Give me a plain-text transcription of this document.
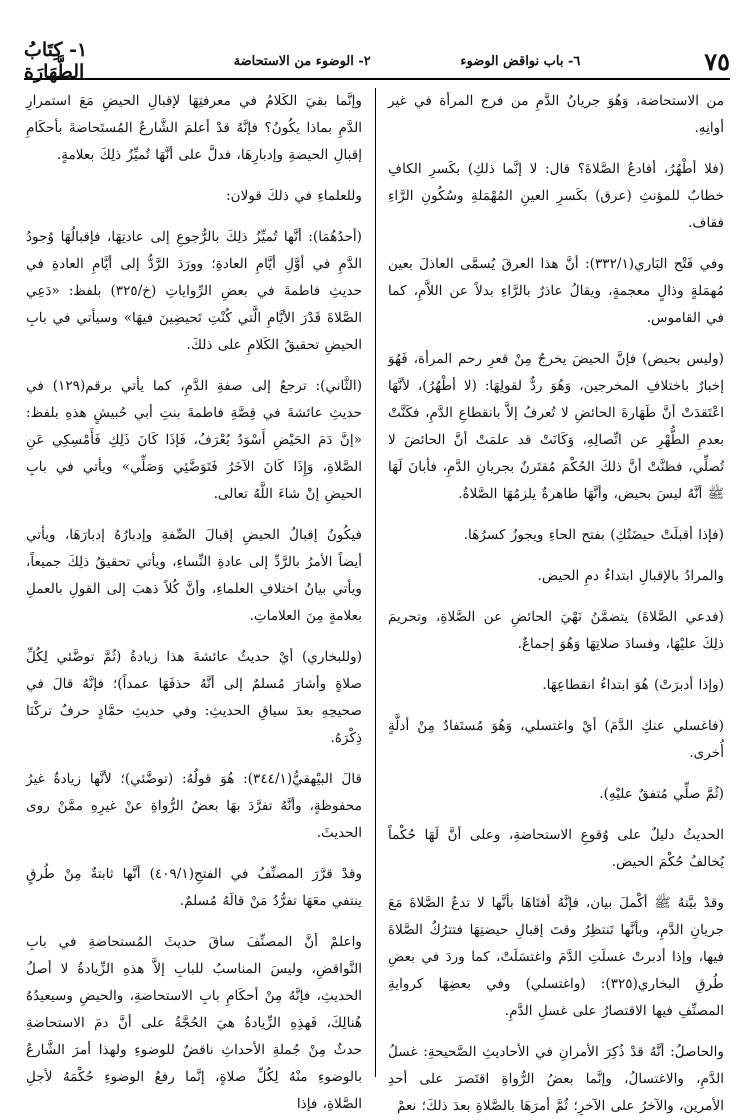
٧٥
٦- باب نواقض الوضوء
٢- الوضوء من الاستحاضة
١- كِتَابُ الطَّهَارَة

من الاستحاضة، وَهُوَ جريانُ الدَّمِ من فرج المرأة في غير أوانِهِ.

(فلا أطْهُرُ، أفادعُ الصَّلاةَ؟ قال: لا إنَّما ذلكِ) بكَسرِ الكافِ خطابٌ للمؤنثِ (عرق) بكَسرِ العينِ المُهْمَلةِ وسُكُونِ الرَّاءِ فقاف.

وفي فَتْح البَاري(٣٣٢/١): أنَّ هذا العرقَ يُسمَّى العاذلَ بعين مُهمَلةٍ وذالٍ معجمةٍ، ويقالُ عاذرٌ بالرَّاءِ بدلاً عن اللاَّمِ، كما في القاموس.

(وليس بحيض) فإنَّ الحيضَ يخرجُ مِنْ قعرِ رحم المرأة، فَهُوَ إخبارٌ باختلافِ المخرجين، وَهُوَ ردٌّ لقولِهَا: (لا أطْهُرُ)، لأنَّهَا اعْتَقدَتْ أنَّ طَهَارةَ الحائضِ لا تُعرفُ إلاَّ بانقطاعِ الدَّمِ، فكَنَّتْ بعدمِ الطُّهْرِ عن اتِّصالِهِ، وَكَانَتْ قد علمَتْ أنَّ الحائضَ لا تُصلِّي، فظنَّتْ أنَّ ذلكَ الحُكْمَ مُقتَرنٌ بجريانِ الدَّمِ، فأبانَ لَهَا ﷺ أنَّهُ ليسَ بحيض، وأنَّهَا طاهرةٌ يلزمُهَا الصَّلاةُ.

(فإذا أقبلَتْ حيضَتُكِ) بفتح الحاءِ ويجوزُ كسرُهَا.

والمرادُ بالإقبالِ ابتداءُ دمِ الحيض.

(فدعي الصَّلاةَ) يتضمَّنُ نَهْيَ الحائضِ عن الصَّلاةِ، وتحريمَ ذلِكَ عليْهَا، وفسادَ صلاتِهَا وَهُوَ إجماعٌ.

(وإذا أدبرَتْ) هُوَ ابتداءُ انقطاعِهَا.

(فاغسلي عنكِ الدَّمَ) أيْ واغتسلي، وَهُوَ مُستَفادٌ مِنْ أدلَّةٍ أُخرى.

(ثُمَّ صلِّي مُتفقٌ عليْهِ).

الحديثُ دليلٌ على وُقوعِ الاستحاضةِ، وعلى أنَّ لَهَا حُكْماً يُخالفُ حُكْمَ الحيض.

وقدْ بيَّنهُ ﷺ أكْملَ بيان، فإنَّهُ أفتَاهَا بأنَّها لا تدعُ الصَّلاةَ مَعَ جريانِ الدَّمِ، وبأنَّها تَنتظِرُ وقتَ إقبالِ حيضتِهَا فتترُكُ الصَّلاةَ فيها، وإذا أدبرتْ غسلَتِ الدَّمَ واغتسَلَتْ، كما وردَ في بعضِ طُرقِ البخاري(٣٢٥): (واغتسلي) وفي بعضِهَا كروايةِ المصنِّفِ فيها الاقتصارُ على غسلِ الدَّمِ.

والحاصلُ: أنَّهُ قدْ ذُكِرَ الأمرانِ في الأحاديثِ الصَّحيحةِ: غسلُ الدَّمِ، والاغتسالُ، وإنَّما بعضُ الرُّواةِ اقتَصرَ على أحدِ الأمرين، والآخرُ على الآخرِ؛ ثُمَّ أمرَهَا بالصَّلاةِ بعدَ ذلكَ؛ نعمْ

وإنَّما بقيَ الكَلامُ في معرفتِهَا لإقبالِ الحيضِ مَعَ استمرارِ الدَّمِ بماذا يكُونُ؟ فإنَّهُ قدْ أعلمَ الشَّارعُ المُستَحاضةَ بأحكَامِ إقبالِ الحيضةِ وإدبارِهَا، فدلَّ على أنَّهَا تُميِّزُ ذلِكَ بعلامةٍ.

وللعلماءِ في ذلكَ قولان:

(أحدُهُمَا): أنَّها تُميِّزُ ذلِكَ بالرُّجوعِ إلى عادتِهَا، فإقبالُهَا وُجودُ الدَّمِ في أوَّلِ أيَّامِ العادةِ؛ وورَدَ الرَّدُّ إلى أيَّامِ العادةِ في حديثِ فاطمةَ في بعضِ الرِّواياتِ (خ/٣٢٥) بلفظ: «دَعِي الصَّلاةَ قَدْرَ الأيَّامِ الَّتي كُنْتِ تَحيضِينَ فيهَا» وسيأتي في بابِ الحيضِ تحقيقُ الكَلامِ على ذلكَ.

(الثَّاني): ترجعُ إلى صفةِ الدَّمِ، كما يأتي برقم(١٢٩) في حديثِ عائشةَ في قِصَّةِ فاطمةَ بنتِ أبي حُبيشٍ هذهِ بلفظ: «إنَّ دَمَ الحَيْضِ أَسْوَدُ يُعْرَفُ، فَإذَا كَانَ ذَلِكِ فَأَمْسِكِي عَنِ الصَّلاةِ، وَإِذَا كَانَ الآخَرُ فَتَوَضَّئِي وَصَلِّي» ويأتي في بابِ الحيضِ إنْ شاءَ اللَّهُ تعالى.

فيكُونُ إقبالُ الحيضِ إقبالَ الصِّفةِ وإدبارُهُ إدبارَهَا، ويأتي أيضاً الأمرُ بالرَّدِّ إلى عادةِ النِّساءِ، ويأتي تحقيقُ ذلِكَ جميعاً، ويأتي بيانُ اختلافِ العلماءِ، وأنَّ كُلاً ذهبَ إلى القولِ بالعملِ بعلامةٍ مِنَ العلاماتِ.

(وللبخاري) أيْ حديثُ عائشةَ هذا زيادةُ (ثُمَّ توضَّئي لِكُلِّ صلاةٍ وأشارَ مُسلمٌ إلى أنَّهُ حذفَهَا عمداً)؛ فإنَّهُ قالَ في صحيحِهِ بعدَ سياقِ الحديثِ: وفي حديثِ حمَّادٍ حرفٌ تركْنَا ذِكْرَهُ.

قالَ البيْهقيُّ(٣٤٤/١): هُوَ قولُهُ: (توضَّئي)؛ لأنَّها زيادةٌ غيرُ محفوظةٍ، وأنَّهُ تفرَّدَ بهَا بعضُ الرُّواةِ عنْ غيرِهِ ممَّنْ روى الحديثَ.

وقدْ قرَّرَ المصنِّفُ في الفتحِ(٤٠٩/١) أنَّها ثابتةٌ مِنْ طُرقٍ ينتفي معَهَا تفرُّدُ مَنْ قالَهُ مُسلمٌ.

واعلمْ أنَّ المصنِّفَ ساقَ حديثَ المُستحاضةِ في بابِ النَّواقضِ، وليسَ المناسبُ للبابِ إلاَّ هذهِ الزِّيادةُ لا أصلُ الحديثِ، فإنَّهُ مِنْ أحكَامِ بابِ الاستحاضةِ، والحيضِ وسيعيدُهُ هُنالِكَ، فَهذِهِ الزِّيادةُ هيَ الحُجَّةُ على أنَّ دمَ الاستحاضةِ حدثٌ مِنْ جُملةِ الأحداثِ ناقضٌ للوضوءِ ولهذا أمرَ الشَّارعُ بالوضوءِ منْهُ لِكُلِّ صلاةٍ، إنَّما رفعُ الوضوءِ حُكْمَهُ لأجلِ الصَّلاةِ، فإذا
